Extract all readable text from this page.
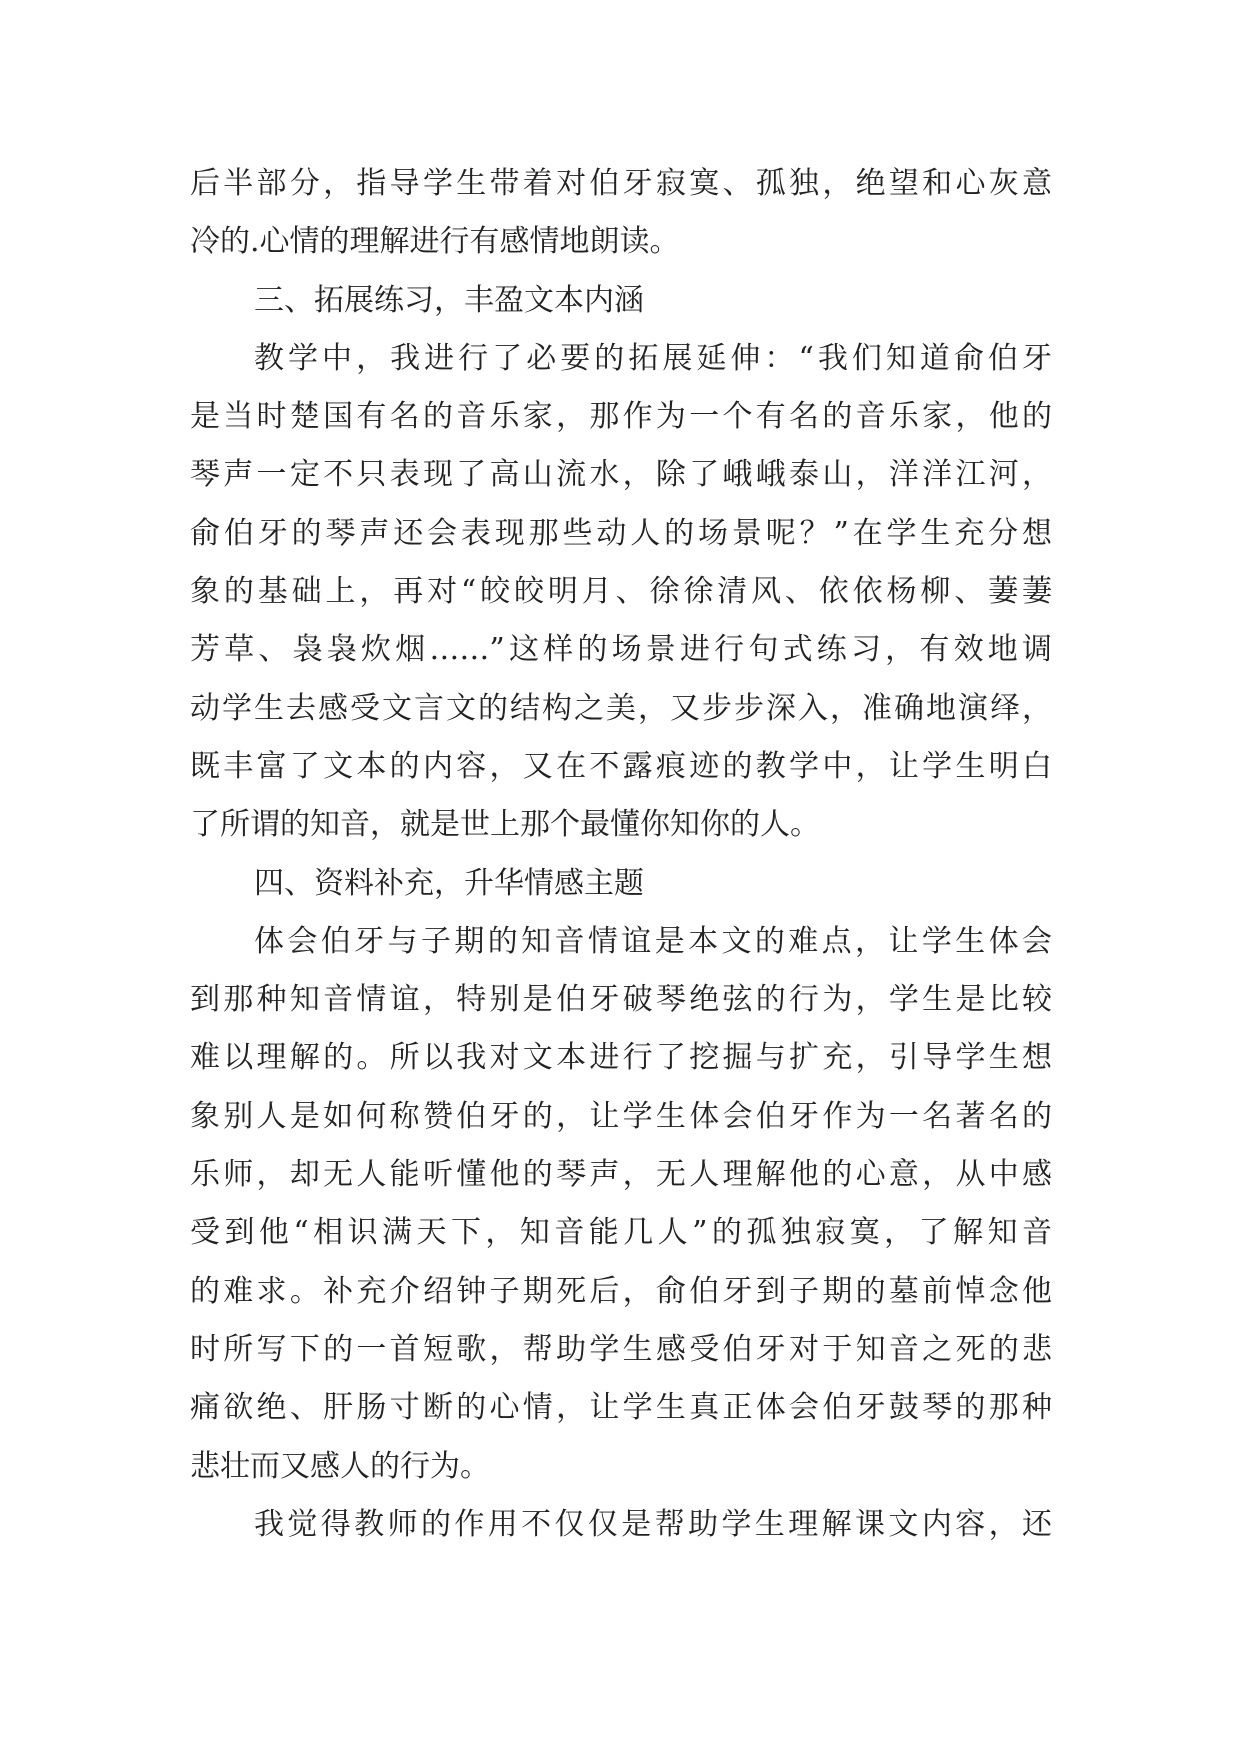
后半部分，指导学生带着对伯牙寂寞、孤独，绝望和心灰意
冷的.心情的理解进行有感情地朗读。
三、拓展练习，丰盈文本内涵
教学中，我进行了必要的拓展延伸：“我们知道俞伯牙
是当时楚国有名的音乐家，那作为一个有名的音乐家，他的
琴声一定不只表现了高山流水，除了峨峨泰山，洋洋江河，
俞伯牙的琴声还会表现那些动人的场景呢？”在学生充分想
象的基础上，再对“皎皎明月、徐徐清风、依依杨柳、萋萋
芳草、袅袅炊烟……”这样的场景进行句式练习，有效地调
动学生去感受文言文的结构之美，又步步深入，准确地演绎，
既丰富了文本的内容，又在不露痕迹的教学中，让学生明白
了所谓的知音，就是世上那个最懂你知你的人。
四、资料补充，升华情感主题
体会伯牙与子期的知音情谊是本文的难点，让学生体会
到那种知音情谊，特别是伯牙破琴绝弦的行为，学生是比较
难以理解的。所以我对文本进行了挖掘与扩充，引导学生想
象别人是如何称赞伯牙的，让学生体会伯牙作为一名著名的
乐师，却无人能听懂他的琴声，无人理解他的心意，从中感
受到他“相识满天下，知音能几人”的孤独寂寞，了解知音
的难求。补充介绍钟子期死后，俞伯牙到子期的墓前悼念他
时所写下的一首短歌，帮助学生感受伯牙对于知音之死的悲
痛欲绝、肝肠寸断的心情，让学生真正体会伯牙鼓琴的那种
悲壮而又感人的行为。
我觉得教师的作用不仅仅是帮助学生理解课文内容，还
